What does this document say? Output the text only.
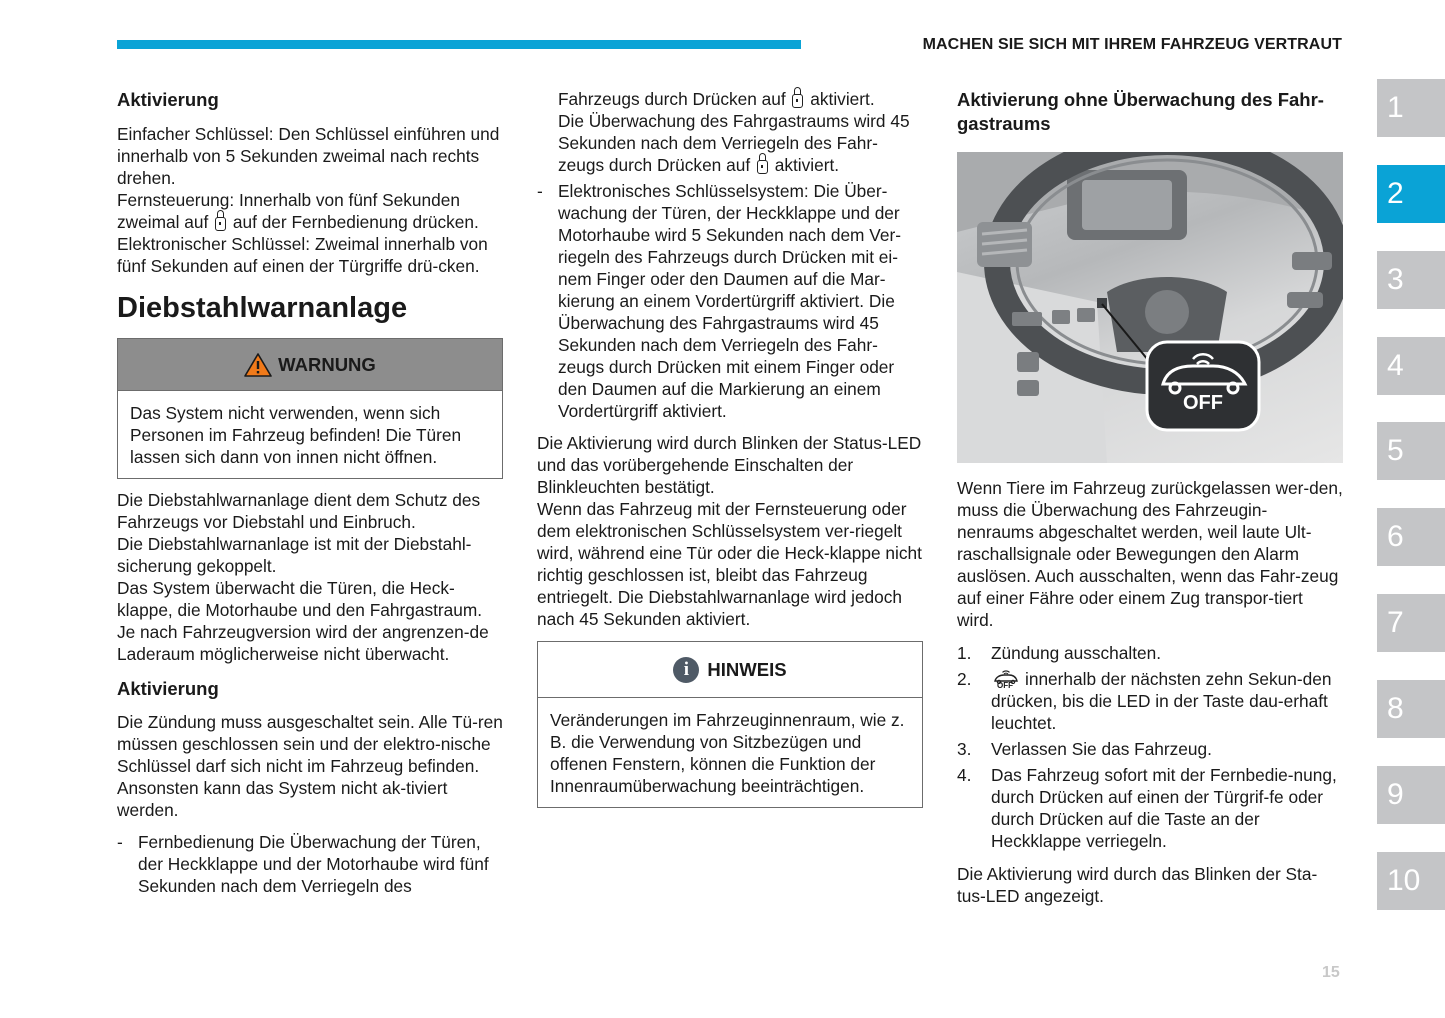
MACHEN SIE SICH MIT IHREM FAHRZEUG VERTRAUT

Aktivierung

Einfacher Schlüssel: Den Schlüssel einführen und innerhalb von 5 Sekunden zweimal nach rechts drehen.

Fernsteuerung: Innerhalb von fünf Sekunden zweimal auf auf der Fernbedienung drücken.

Elektronischer Schlüssel: Zweimal innerhalb von fünf Sekunden auf einen der Türgriffe drü-cken.

Diebstahlwarnanlage

WARNUNG
Das System nicht verwenden, wenn sich Personen im Fahrzeug befinden! Die Türen lassen sich dann von innen nicht öffnen.

Die Diebstahlwarnanlage dient dem Schutz des Fahrzeugs vor Diebstahl und Einbruch.

Die Diebstahlwarnanlage ist mit der Diebstahl-sicherung gekoppelt.

Das System überwacht die Türen, die Heck-klappe, die Motorhaube und den Fahrgastraum. Je nach Fahrzeugversion wird der angrenzen-de Laderaum möglicherweise nicht überwacht.

Aktivierung

Die Zündung muss ausgeschaltet sein. Alle Tü-ren müssen geschlossen sein und der elektro-nische Schlüssel darf sich nicht im Fahrzeug befinden. Ansonsten kann das System nicht ak-tiviert werden.

- Fernbedienung Die Überwachung der Türen, der Heckklappe und der Motorhaube wird fünf Sekunden nach dem Verriegeln des

Fahrzeugs durch Drücken auf aktiviert.

Die Überwachung des Fahrgastraums wird 45 Sekunden nach dem Verriegeln des Fahr-zeugs durch Drücken auf aktiviert.

- Elektronisches Schlüsselsystem: Die Über-wachung der Türen, der Heckklappe und der Motorhaube wird 5 Sekunden nach dem Ver-riegeln des Fahrzeugs durch Drücken mit ei-nem Finger oder den Daumen auf die Mar-kierung an einem Vordertürgriff aktiviert. Die Überwachung des Fahrgastraums wird 45 Sekunden nach dem Verriegeln des Fahr-zeugs durch Drücken mit einem Finger oder den Daumen auf die Markierung an einem Vordertürgriff aktiviert.

Die Aktivierung wird durch Blinken der Status-LED und das vorübergehende Einschalten der Blinkleuchten bestätigt.

Wenn das Fahrzeug mit der Fernsteuerung oder dem elektronischen Schlüsselsystem ver-riegelt wird, während eine Tür oder die Heck-klappe nicht richtig geschlossen ist, bleibt das Fahrzeug entriegelt. Die Diebstahlwarnanlage wird jedoch nach 45 Sekunden aktiviert.

i HINWEIS
Veränderungen im Fahrzeuginnenraum, wie z. B. die Verwendung von Sitzbezügen und offenen Fenstern, können die Funktion der Innenraumüberwachung beeinträchtigen.

Aktivierung ohne Überwachung des Fahr-gastraums

OFF

Wenn Tiere im Fahrzeug zurückgelassen wer-den, muss die Überwachung des Fahrzeugin-nenraums abgeschaltet werden, weil laute Ult-raschallsignale oder Bewegungen den Alarm auslösen. Auch ausschalten, wenn das Fahr-zeug auf einer Fähre oder einem Zug transpor-tiert wird.

1. Zündung ausschalten.
2.	OFF innerhalb der nächsten zehn Sekun-den drücken, bis die LED in der Taste dau-erhaft leuchtet.
3. Verlassen Sie das Fahrzeug.
4. Das Fahrzeug sofort mit der Fernbedie-nung, durch Drücken auf einen der Türgrif-fe oder durch Drücken auf die Taste an der Heckklappe verriegeln.

Die Aktivierung wird durch das Blinken der Sta-tus-LED angezeigt.

1
2
3
4
5
6
7
8
9
10
15
